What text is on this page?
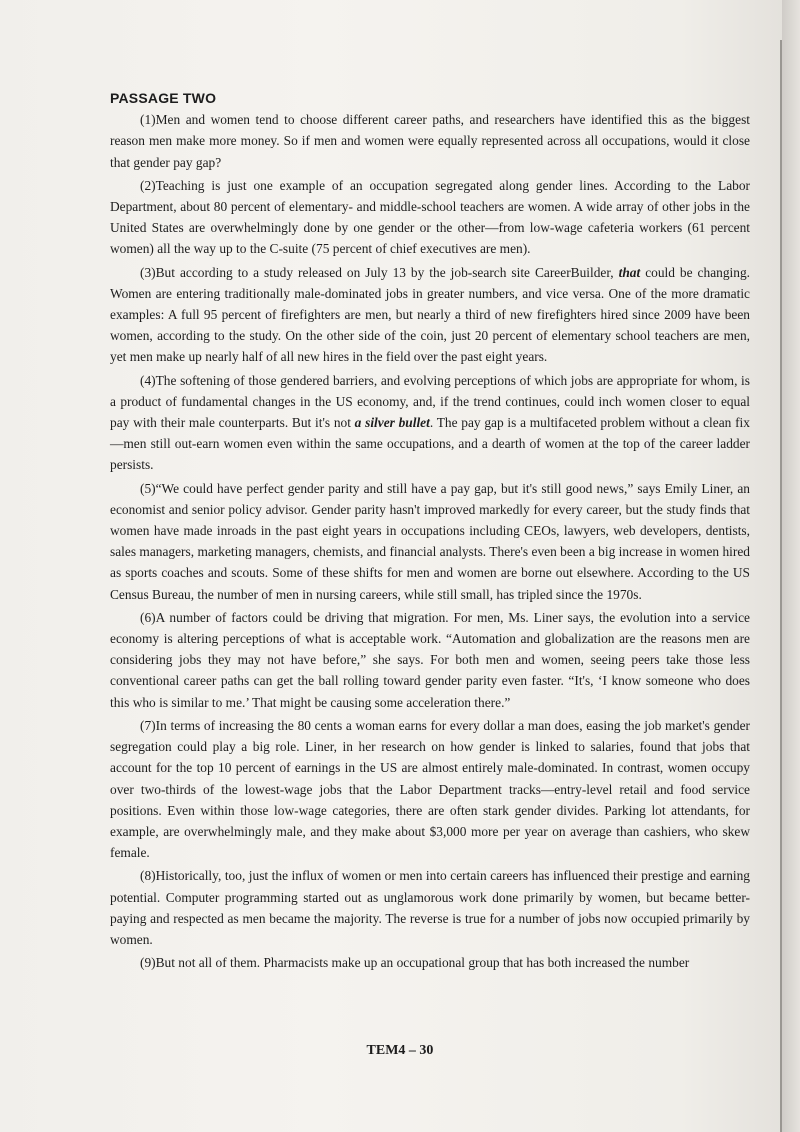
PASSAGE TWO

(1)Men and women tend to choose different career paths, and researchers have identified this as the biggest reason men make more money. So if men and women were equally represented across all occupations, would it close that gender pay gap?

(2)Teaching is just one example of an occupation segregated along gender lines. According to the Labor Department, about 80 percent of elementary- and middle-school teachers are women. A wide array of other jobs in the United States are overwhelmingly done by one gender or the other—from low-wage cafeteria workers (61 percent women) all the way up to the C-suite (75 percent of chief executives are men).

(3)But according to a study released on July 13 by the job-search site CareerBuilder, that could be changing. Women are entering traditionally male-dominated jobs in greater numbers, and vice versa. One of the more dramatic examples: A full 95 percent of firefighters are men, but nearly a third of new firefighters hired since 2009 have been women, according to the study. On the other side of the coin, just 20 percent of elementary school teachers are men, yet men make up nearly half of all new hires in the field over the past eight years.

(4)The softening of those gendered barriers, and evolving perceptions of which jobs are appropriate for whom, is a product of fundamental changes in the US economy, and, if the trend continues, could inch women closer to equal pay with their male counterparts. But it's not a silver bullet. The pay gap is a multifaceted problem without a clean fix—men still out-earn women even within the same occupations, and a dearth of women at the top of the career ladder persists.

(5)“We could have perfect gender parity and still have a pay gap, but it's still good news,” says Emily Liner, an economist and senior policy advisor. Gender parity hasn't improved markedly for every career, but the study finds that women have made inroads in the past eight years in occupations including CEOs, lawyers, web developers, dentists, sales managers, marketing managers, chemists, and financial analysts. There's even been a big increase in women hired as sports coaches and scouts. Some of these shifts for men and women are borne out elsewhere. According to the US Census Bureau, the number of men in nursing careers, while still small, has tripled since the 1970s.

(6)A number of factors could be driving that migration. For men, Ms. Liner says, the evolution into a service economy is altering perceptions of what is acceptable work. “Automation and globalization are the reasons men are considering jobs they may not have before,” she says. For both men and women, seeing peers take those less conventional career paths can get the ball rolling toward gender parity even faster. “It's, ‘I know someone who does this who is similar to me.’ That might be causing some acceleration there.”

(7)In terms of increasing the 80 cents a woman earns for every dollar a man does, easing the job market's gender segregation could play a big role. Liner, in her research on how gender is linked to salaries, found that jobs that account for the top 10 percent of earnings in the US are almost entirely male-dominated. In contrast, women occupy over two-thirds of the lowest-wage jobs that the Labor Department tracks—entry-level retail and food service positions. Even within those low-wage categories, there are often stark gender divides. Parking lot attendants, for example, are overwhelmingly male, and they make about $3,000 more per year on average than cashiers, who skew female.

(8)Historically, too, just the influx of women or men into certain careers has influenced their prestige and earning potential. Computer programming started out as unglamorous work done primarily by women, but became better-paying and respected as men became the majority. The reverse is true for a number of jobs now occupied primarily by women.

(9)But not all of them. Pharmacists make up an occupational group that has both increased the number

TEM4 – 30
